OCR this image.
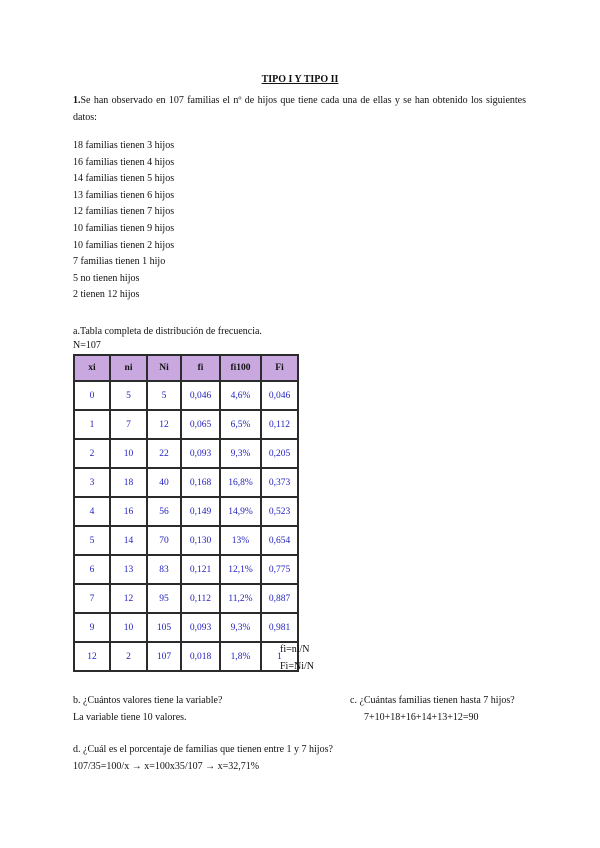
TIPO I Y TIPO II
1.Se han observado en 107 familias el nº de hijos que tiene cada una de ellas y se han obtenido los siguientes datos:
18 familias tienen 3 hijos
16 familias tienen 4 hijos
14 familias tienen 5 hijos
13 familias tienen 6 hijos
12 familias tienen 7 hijos
10 familias tienen 9 hijos
10 familias tienen 2 hijos
7 familias tienen 1 hijo
5 no tienen hijos
2 tienen 12 hijos
a.Tabla completa de distribución de frecuencia.
N=107
xi	ni	Ni	fi	fi100	Fi
0	5	5	0,046	4,6%	0,046
1	7	12	0,065	6,5%	0,112
2	10	22	0,093	9,3%	0,205
3	18	40	0,168	16,8%	0,373
4	16	56	0,149	14,9%	0,523
5	14	70	0,130	13%	0,654
6	13	83	0,121	12,1%	0,775
7	12	95	0,112	11,2%	0,887
9	10	105	0,093	9,3%	0,981
12	2	107	0,018	1,8%	1
fi=ni/N
Fi=Ni/N
b. ¿Cuántos valores tiene la variable?
La variable tiene 10 valores.
c. ¿Cuántas familias tienen hasta 7 hijos?
7+10+18+16+14+13+12=90
d. ¿Cuál es el porcentaje de familias que tienen entre 1 y 7 hijos?
107/35=100/x → x=100x35/107 → x=32,71%
